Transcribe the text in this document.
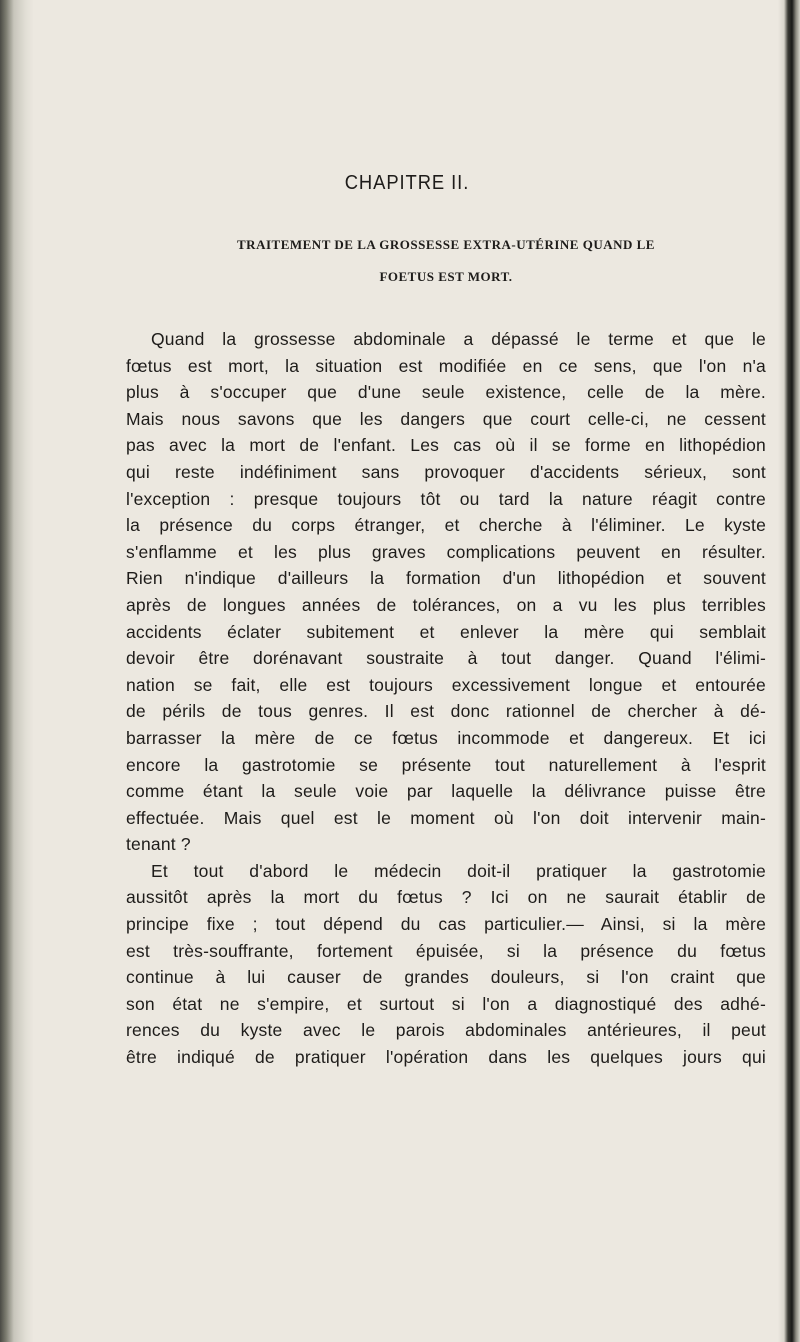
CHAPITRE II.
TRAITEMENT DE LA GROSSESSE EXTRA-UTÉRINE QUAND LE
FOETUS EST MORT.
Quand la grossesse abdominale a dépassé le terme et que le
fœtus est mort, la situation est modifiée en ce sens, que l'on n'a
plus à s'occuper que d'une seule existence, celle de la mère.
Mais nous savons que les dangers que court celle-ci, ne cessent
pas avec la mort de l'enfant. Les cas où il se forme en lithopédion
qui reste indéfiniment sans provoquer d'accidents sérieux, sont
l'exception : presque toujours tôt ou tard la nature réagit contre
la présence du corps étranger, et cherche à l'éliminer. Le kyste
s'enflamme et les plus graves complications peuvent en résulter.
Rien n'indique d'ailleurs la formation d'un lithopédion et souvent
après de longues années de tolérances, on a vu les plus terribles
accidents éclater subitement et enlever la mère qui semblait
devoir être dorénavant soustraite à tout danger. Quand l'élimi-
nation se fait, elle est toujours excessivement longue et entourée
de périls de tous genres. Il est donc rationnel de chercher à dé-
barrasser la mère de ce fœtus incommode et dangereux. Et ici
encore la gastrotomie se présente tout naturellement à l'esprit
comme étant la seule voie par laquelle la délivrance puisse être
effectuée. Mais quel est le moment où l'on doit intervenir main-
tenant ?
Et tout d'abord le médecin doit-il pratiquer la gastrotomie
aussitôt après la mort du fœtus ? Ici on ne saurait établir de
principe fixe ; tout dépend du cas particulier.— Ainsi, si la mère
est très-souffrante, fortement épuisée, si la présence du fœtus
continue à lui causer de grandes douleurs, si l'on craint que
son état ne s'empire, et surtout si l'on a diagnostiqué des adhé-
rences du kyste avec le parois abdominales antérieures, il peut
être indiqué de pratiquer l'opération dans les quelques jours qui
